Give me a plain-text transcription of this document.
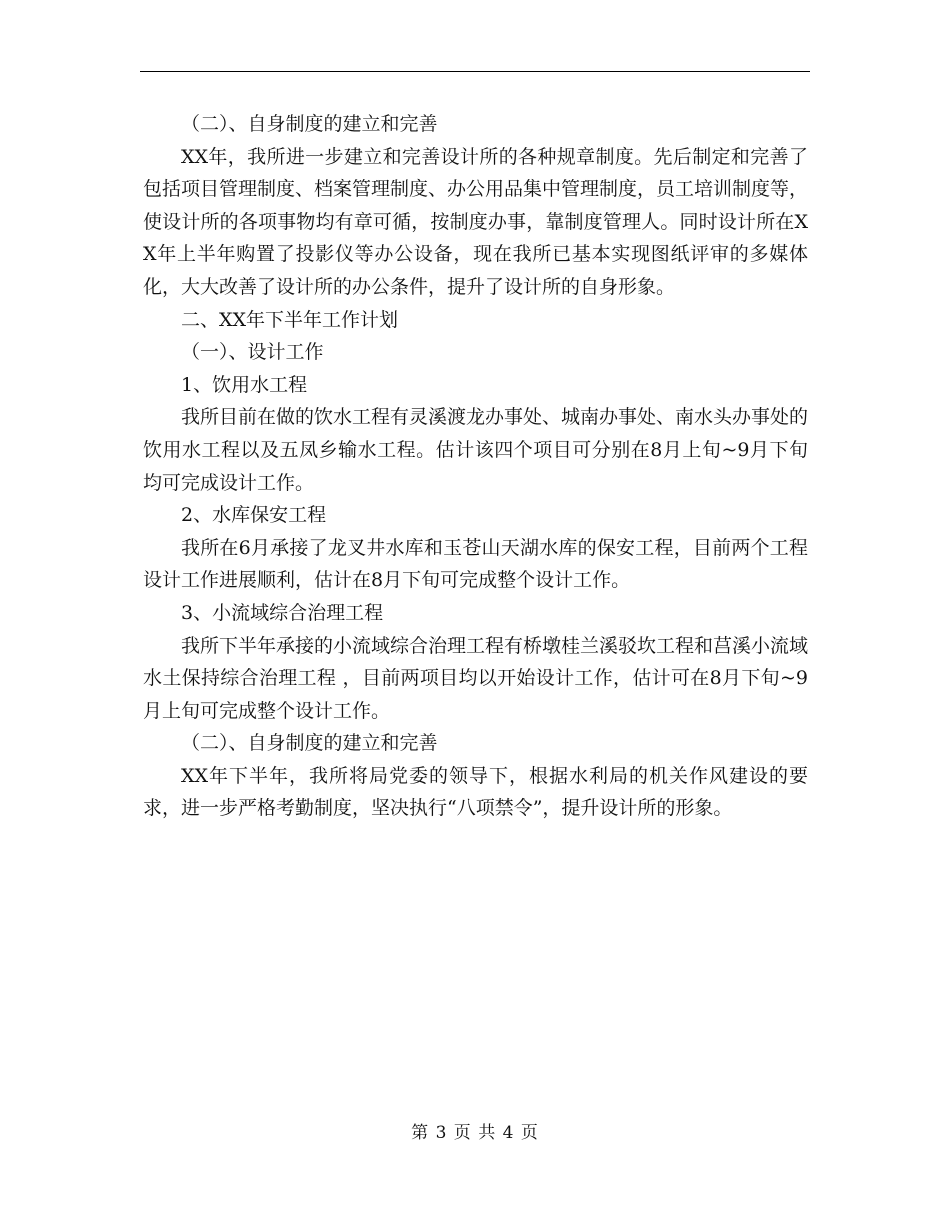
（二）、自身制度的建立和完善

XX年，我所进一步建立和完善设计所的各种规章制度。先后制定和完善了包括项目管理制度、档案管理制度、办公用品集中管理制度，员工培训制度等，使设计所的各项事物均有章可循，按制度办事，靠制度管理人。同时设计所在XX年上半年购置了投影仪等办公设备，现在我所已基本实现图纸评审的多媒体化，大大改善了设计所的办公条件，提升了设计所的自身形象。

二、XX年下半年工作计划

（一）、设计工作

1、饮用水工程

我所目前在做的饮水工程有灵溪渡龙办事处、城南办事处、南水头办事处的饮用水工程以及五凤乡输水工程。估计该四个项目可分别在8月上旬~9月下旬均可完成设计工作。

2、水库保安工程

我所在6月承接了龙叉井水库和玉苍山天湖水库的保安工程，目前两个工程设计工作进展顺利，估计在8月下旬可完成整个设计工作。

3、小流域综合治理工程

我所下半年承接的小流域综合治理工程有桥墩桂兰溪驳坎工程和莒溪小流域水土保持综合治理工程 ，目前两项目均以开始设计工作，估计可在8月下旬~9月上旬可完成整个设计工作。

（二）、自身制度的建立和完善

XX年下半年，我所将局党委的领导下，根据水利局的机关作风建设的要求，进一步严格考勤制度，坚决执行“八项禁令”，提升设计所的形象。

第 3 页 共 4 页
